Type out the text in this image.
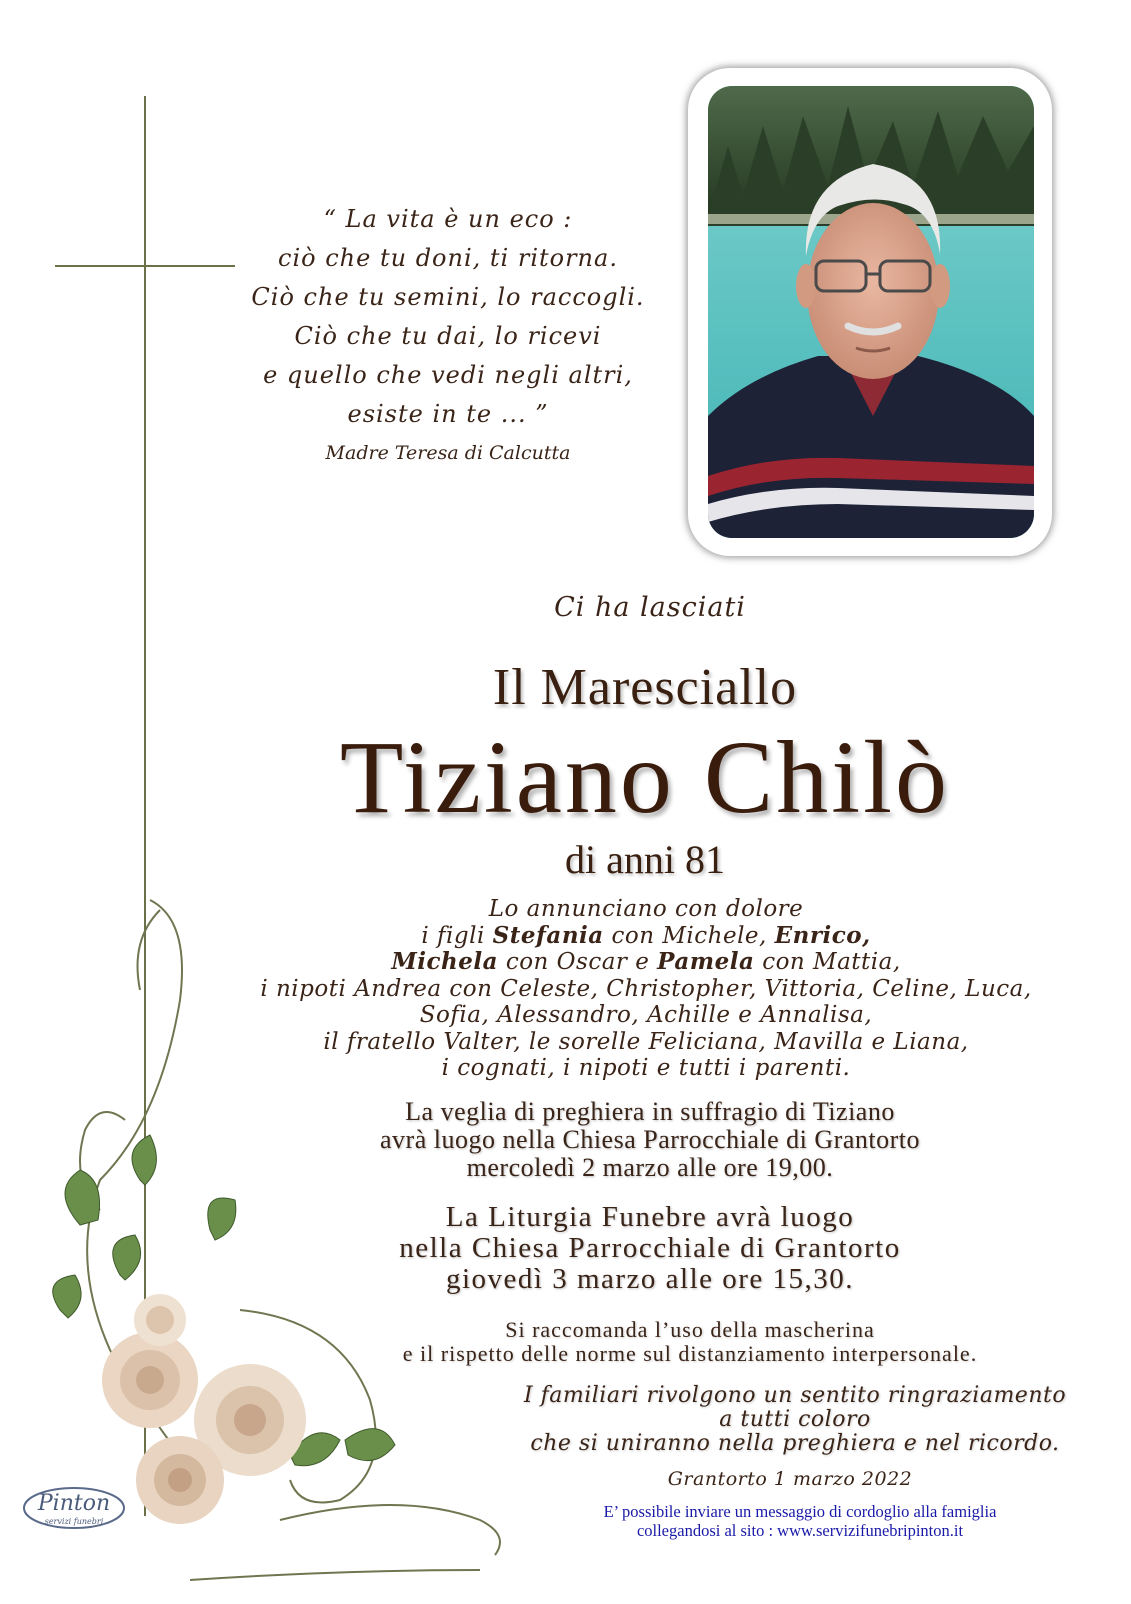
“ La vita è un eco :
ciò che tu doni, ti ritorna.
Ciò che tu semini, lo raccogli.
Ciò che tu dai, lo ricevi
e quello che vedi negli altri,
esiste in te ... ”
Madre Teresa di Calcutta
Ci ha lasciati
Il Maresciallo
Tiziano Chilò
di anni 81
Lo annunciano con dolore
i figli Stefania con Michele, Enrico,
Michela con Oscar e Pamela con Mattia,
i nipoti Andrea con Celeste, Christopher, Vittoria, Celine, Luca,
Sofia, Alessandro, Achille e Annalisa,
il fratello Valter, le sorelle Feliciana, Mavilla e Liana,
i cognati, i nipoti e tutti i parenti.
La veglia di preghiera in suffragio di Tiziano
avrà luogo nella Chiesa Parrocchiale di Grantorto
mercoledì 2 marzo alle ore 19,00.
La Liturgia Funebre avrà luogo
nella Chiesa Parrocchiale di Grantorto
giovedì 3 marzo alle ore 15,30.
Si raccomanda l’uso della mascherina
e il rispetto delle norme sul distanziamento interpersonale.
I familiari rivolgono un sentito ringraziamento
a tutti coloro
che si uniranno nella preghiera e nel ricordo.
Grantorto 1 marzo 2022
E’ possibile inviare un messaggio di cordoglio alla famiglia
collegandosi al sito : www.servizifunebripinton.it
Pinton
servizi funebri
